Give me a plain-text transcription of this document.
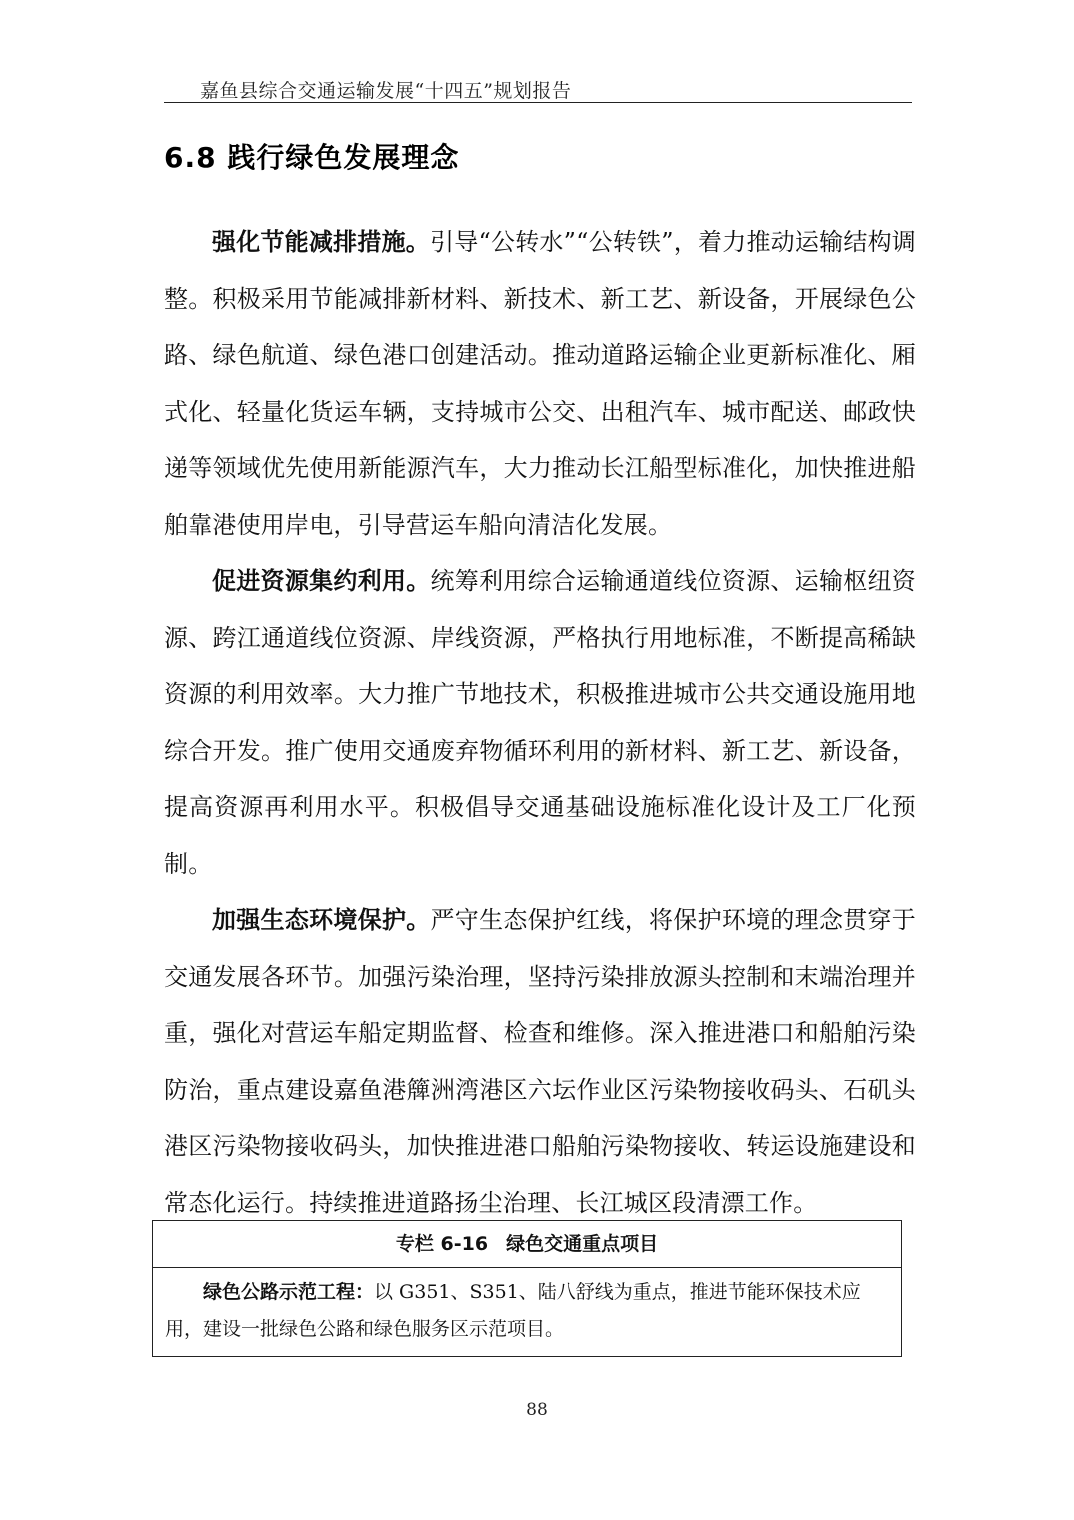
嘉鱼县综合交通运输发展“十四五”规划报告
6.8 践行绿色发展理念

强化节能减排措施。引导“公转水”“公转铁”，着力推动运输结构调整。积极采用节能减排新材料、新技术、新工艺、新设备，开展绿色公路、绿色航道、绿色港口创建活动。推动道路运输企业更新标准化、厢式化、轻量化货运车辆，支持城市公交、出租汽车、城市配送、邮政快递等领域优先使用新能源汽车，大力推动长江船型标准化，加快推进船舶靠港使用岸电，引导营运车船向清洁化发展。

促进资源集约利用。统筹利用综合运输通道线位资源、运输枢纽资源、跨江通道线位资源、岸线资源，严格执行用地标准，不断提高稀缺资源的利用效率。大力推广节地技术，积极推进城市公共交通设施用地综合开发。推广使用交通废弃物循环利用的新材料、新工艺、新设备，提高资源再利用水平。积极倡导交通基础设施标准化设计及工厂化预制。

加强生态环境保护。严守生态保护红线，将保护环境的理念贯穿于交通发展各环节。加强污染治理，坚持污染排放源头控制和末端治理并重，强化对营运车船定期监督、检查和维修。深入推进港口和船舶污染防治，重点建设嘉鱼港簰洲湾港区六坛作业区污染物接收码头、石矶头港区污染物接收码头，加快推进港口船舶污染物接收、转运设施建设和常态化运行。持续推进道路扬尘治理、长江城区段清漂工作。

专栏 6-16 绿色交通重点项目
绿色公路示范工程：以 G351、S351、陆八舒线为重点，推进节能环保技术应用，建设一批绿色公路和绿色服务区示范项目。
88
